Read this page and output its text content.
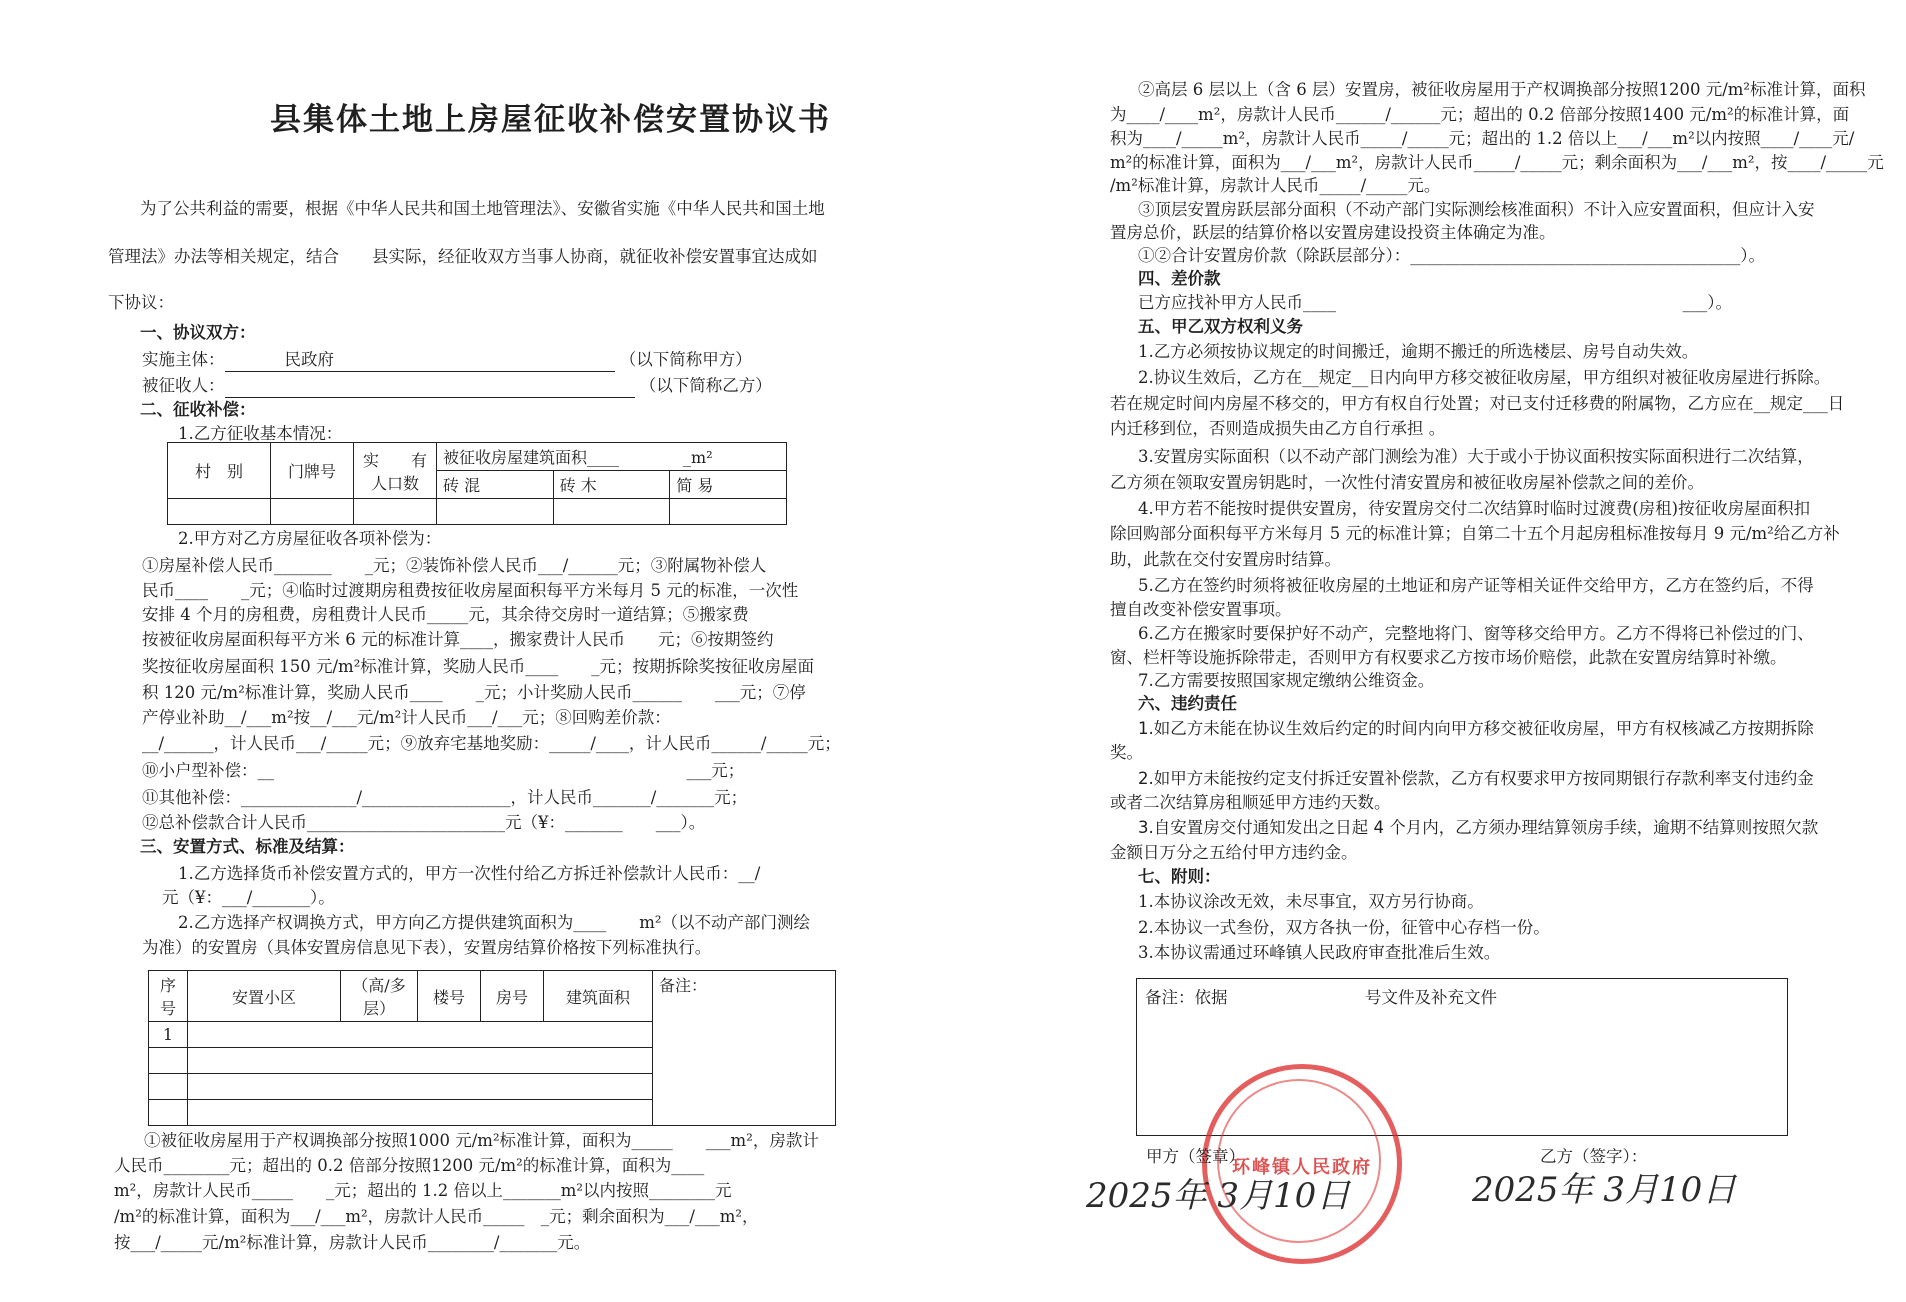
县集体土地上房屋征收补偿安置协议书
为了公共利益的需要，根据《中华人民共和国土地管理法》、安徽省实施《中华人民共和国土地
管理法》办法等相关规定，结合　　县实际，经征收双方当事人协商，就征收补偿安置事宜达成如
下协议：
一、协议双方：
实施主体：	民政府	（以下简称甲方）
被征收人：	（以下简称乙方）
二、征收补偿：
1.乙方征收基本情况：
村　别	门牌号	实　　有人口数	被征收房屋建筑面积____　　　　_m²		
			砖 混	砖 木	简 易

2.甲方对乙方房屋征收各项补偿为：
①房屋补偿人民币_______　　_元；②装饰补偿人民币___/______元；③附属物补偿人
民币____　　_元；④临时过渡期房租费按征收房屋面积每平方米每月 5 元的标准，一次性
安排 4 个月的房租费，房租费计人民币_____元，其余待交房时一道结算；⑤搬家费
按被征收房屋面积每平方米 6 元的标准计算____，搬家费计人民币　　元；⑥按期签约
奖按征收房屋面积 150 元/m²标准计算，奖励人民币____　　_元；按期拆除奖按征收房屋面
积 120 元/m²标准计算，奖励人民币____　　_元；小计奖励人民币______　　___元；⑦停
产停业补助__/___m²按__/___元/m²计人民币___/___元；⑧回购差价款：
__/______，计人民币___/_____元；⑨放弃宅基地奖励：_____/____，计人民币______/_____元；
⑩小户型补偿：__　　　　　　　　　　　　　　　　　　　　　　　　　___元；
⑪其他补偿：______________/__________________，计人民币_______/_______元；
⑫总补偿款合计人民币________________________元（¥：_______　　___）。
三、安置方式、标准及结算：
1.乙方选择货币补偿安置方式的，甲方一次性付给乙方拆迁补偿款计人民币：__/
元（¥：___/_______）。
2.乙方选择产权调换方式，甲方向乙方提供建筑面积为____　　m²（以不动产部门测绘
为准）的安置房（具体安置房信息见下表），安置房结算价格按下列标准执行。
序号	安置小区	（高/多层）	楼号	房号	建筑面积	备注：
1						

①被征收房屋用于产权调换部分按照1000 元/m²标准计算，面积为_____　　___m²，房款计
人民币________元；超出的 0.2 倍部分按照1200 元/m²的标准计算，面积为____
m²，房款计人民币_____　　_元；超出的 1.2 倍以上_______m²以内按照________元
/m²的标准计算，面积为___/___m²，房款计人民币_____　_元；剩余面积为___/___m²，
按___/_____元/m²标准计算，房款计人民币________/_______元。
②高层 6 层以上（含 6 层）安置房，被征收房屋用于产权调换部分按照1200 元/m²标准计算，面积
为____/____m²，房款计人民币______/______元；超出的 0.2 倍部分按照1400 元/m²的标准计算，面
积为____/_____m²，房款计人民币_____/_____元；超出的 1.2 倍以上___/___m²以内按照____/____元/
m²的标准计算，面积为___/___m²，房款计人民币_____/_____元；剩余面积为___/___m²，按____/_____元
/m²标准计算，房款计人民币_____/_____元。
③顶层安置房跃层部分面积（不动产部门实际测绘核准面积）不计入应安置面积，但应计入安
置房总价，跃层的结算价格以安置房建设投资主体确定为准。
①②合计安置房价款（除跃层部分）：________________________________________）。
四、差价款
已方应找补甲方人民币____　　　　　　　　　　　　　　　　　　　　　___）。
五、甲乙双方权利义务
1.乙方必须按协议规定的时间搬迁，逾期不搬迁的所选楼层、房号自动失效。
2.协议生效后，乙方在__规定__日内向甲方移交被征收房屋，甲方组织对被征收房屋进行拆除。
若在规定时间内房屋不移交的，甲方有权自行处置；对已支付迁移费的附属物，乙方应在__规定___日
内迁移到位，否则造成损失由乙方自行承担 。
3.安置房实际面积（以不动产部门测绘为准）大于或小于协议面积按实际面积进行二次结算，
乙方须在领取安置房钥匙时，一次性付清安置房和被征收房屋补偿款之间的差价。
4.甲方若不能按时提供安置房，待安置房交付二次结算时临时过渡费(房租)按征收房屋面积扣
除回购部分面积每平方米每月 5 元的标准计算；自第二十五个月起房租标准按每月 9 元/m²给乙方补
助，此款在交付安置房时结算。
5.乙方在签约时须将被征收房屋的土地证和房产证等相关证件交给甲方，乙方在签约后，不得
擅自改变补偿安置事项。
6.乙方在搬家时要保护好不动产，完整地将门、窗等移交给甲方。乙方不得将已补偿过的门、
窗、栏杆等设施拆除带走，否则甲方有权要求乙方按市场价赔偿，此款在安置房结算时补缴。
7.乙方需要按照国家规定缴纳公维资金。
六、违约责任
1.如乙方未能在协议生效后约定的时间内向甲方移交被征收房屋，甲方有权核减乙方按期拆除
奖。
2.如甲方未能按约定支付拆迁安置补偿款，乙方有权要求甲方按同期银行存款利率支付违约金
或者二次结算房租顺延甲方违约天数。
3.自安置房交付通知发出之日起 4 个月内，乙方须办理结算领房手续，逾期不结算则按照欠款
金额日万分之五给付甲方违约金。
七、附则：
1.本协议涂改无效，未尽事宜，双方另行协商。
2.本协议一式叁份，双方各执一份，征管中心存档一份。
3.本协议需通过环峰镇人民政府审查批准后生效。
备注：依据	号文件及补充文件
环峰镇人民政府
甲方（签章）	乙方（签字）：
2025年 3月10日	2025年 3月10日
